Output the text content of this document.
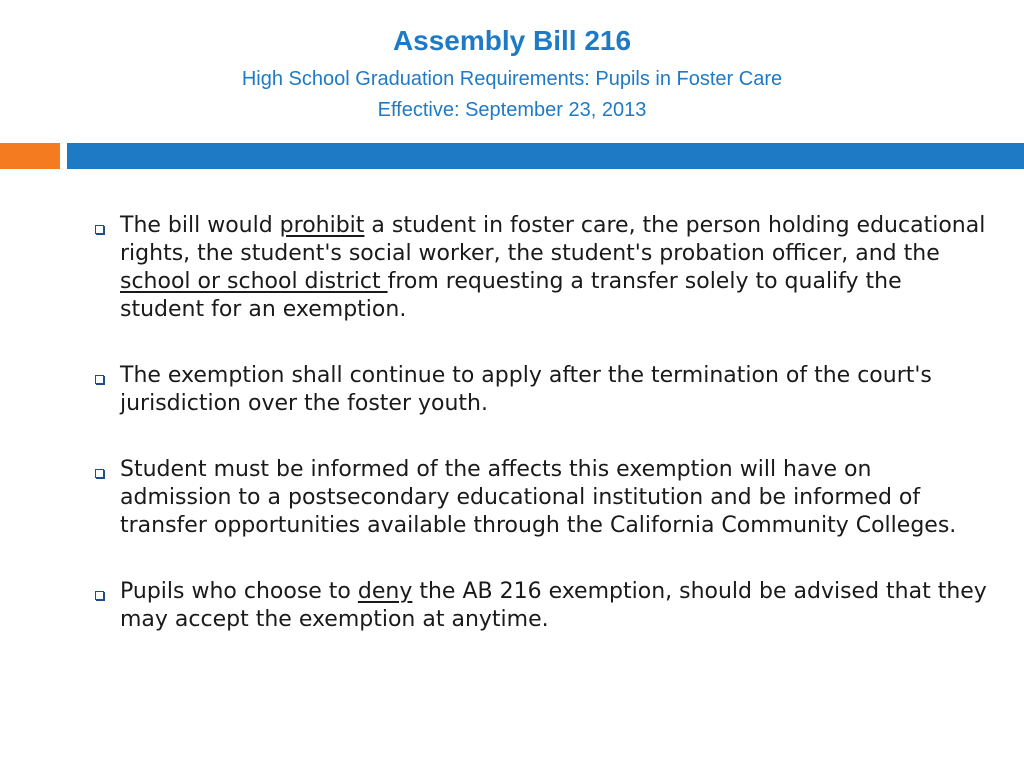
Assembly Bill 216
High School Graduation Requirements: Pupils in Foster Care
Effective: September 23, 2013
The bill would prohibit a student in foster care, the person holding educational rights, the student's social worker, the student's probation officer, and the school or school district from requesting a transfer solely to qualify the student for an exemption.
The exemption shall continue to apply after the termination of the court's jurisdiction over the foster youth.
Student must be informed of the affects this exemption will have on admission to a postsecondary educational institution and be informed of transfer opportunities available through the California Community Colleges.
Pupils who choose to deny the AB 216 exemption, should be advised that they may accept the exemption at anytime.
